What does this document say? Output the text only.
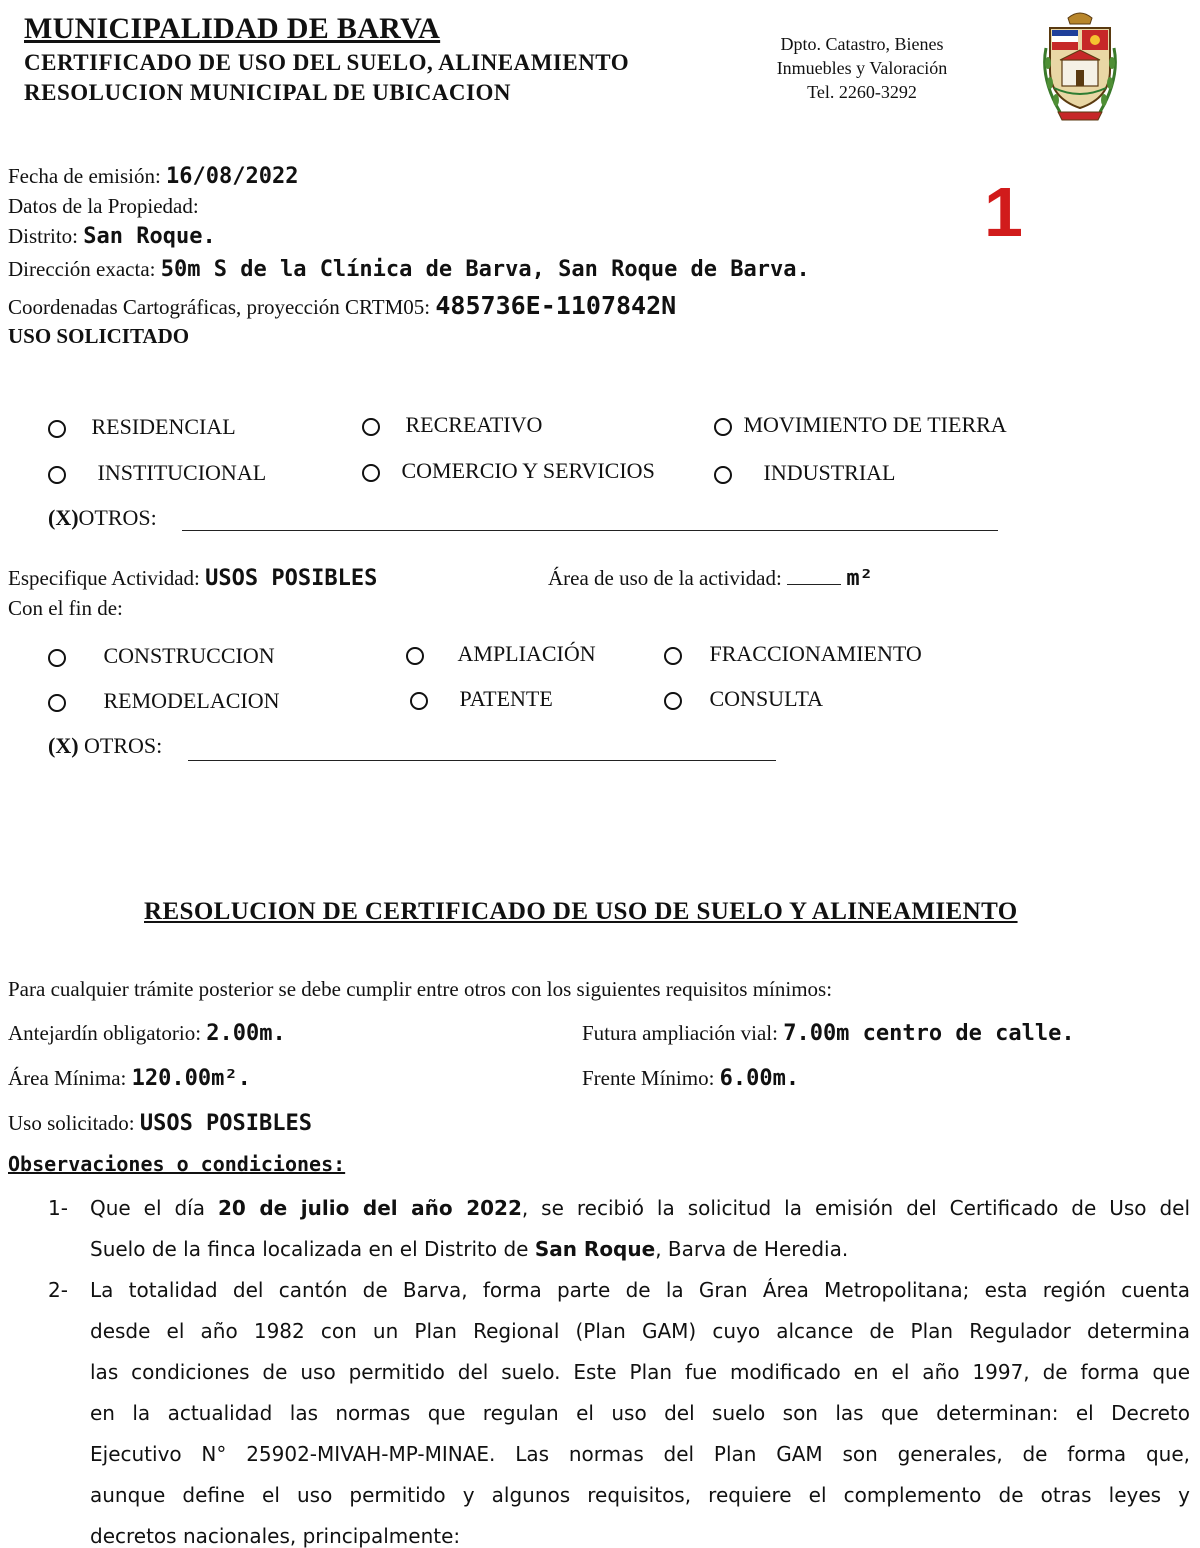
MUNICIPALIDAD DE BARVA
CERTIFICADO DE USO DEL SUELO, ALINEAMIENTO
RESOLUCION MUNICIPAL DE UBICACION
Dpto. Catastro, Bienes
Inmuebles y Valoración
Tel. 2260-3292
1
Fecha de emisión: 16/08/2022
Datos de la Propiedad:
Distrito: San Roque.
Dirección exacta: 50m S de la Clínica de Barva, San Roque de Barva.
Coordenadas Cartográficas, proyección CRTM05: 485736E-1107842N
USO SOLICITADO
RESIDENCIAL	RECREATIVO	MOVIMIENTO DE TIERRA
INSTITUCIONAL	COMERCIO Y SERVICIOS	INDUSTRIAL
(X)OTROS:
Especifique Actividad: USOS POSIBLES	Área de uso de la actividad:	m²
Con el fin de:
CONSTRUCCION	AMPLIACIÓN	FRACCIONAMIENTO
REMODELACION	PATENTE	CONSULTA
(X) OTROS:
RESOLUCION DE CERTIFICADO DE USO DE SUELO Y ALINEAMIENTO
Para cualquier trámite posterior se debe cumplir entre otros con los siguientes requisitos mínimos:
Antejardín obligatorio: 2.00m.	Futura ampliación vial: 7.00m centro de calle.
Área Mínima: 120.00m².	Frente Mínimo: 6.00m.
Uso solicitado: USOS POSIBLES
Observaciones o condiciones:
1- Que el día 20 de julio del año 2022, se recibió la solicitud la emisión del Certificado de Uso del
Suelo de la finca localizada en el Distrito de San Roque, Barva de Heredia.
2- La totalidad del cantón de Barva, forma parte de la Gran Área Metropolitana; esta región cuenta
desde el año 1982 con un Plan Regional (Plan GAM) cuyo alcance de Plan Regulador determina
las condiciones de uso permitido del suelo. Este Plan fue modificado en el año 1997, de forma que
en la actualidad las normas que regulan el uso del suelo son las que determinan: el Decreto
Ejecutivo N° 25902-MIVAH-MP-MINAE. Las normas del Plan GAM son generales, de forma que,
aunque define el uso permitido y algunos requisitos, requiere el complemento de otras leyes y
decretos nacionales, principalmente:
